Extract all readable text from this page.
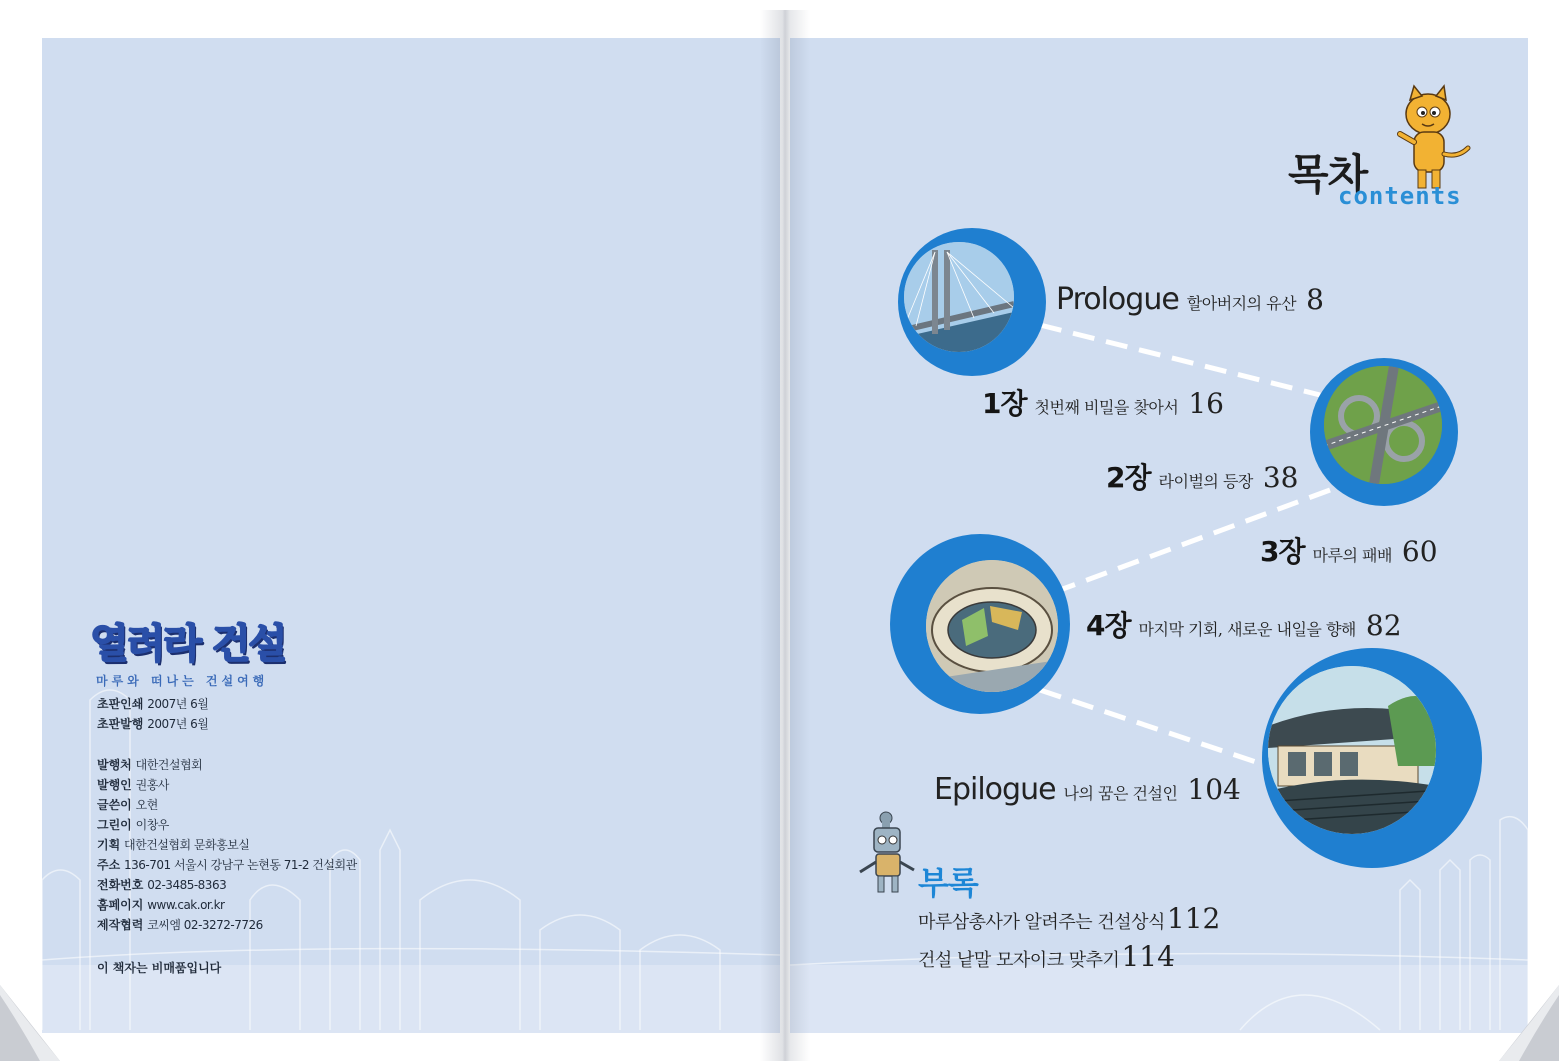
열려라 건설
마루와 떠나는 건설여행
초판인쇄 2007년 6월
초판발행 2007년 6월
발행처 대한건설협회
발행인 권홍사
글쓴이 오현
그린이 이창우
기획 대한건설협회 문화홍보실
주소 136-701 서울시 강남구 논현동 71-2 건설회관
전화번호 02-3485-8363
홈페이지 www.cak.or.kr
제작협력 코씨엠 02-3272-7726
이 책자는 비매품입니다
목차
contents
Prologue 할아버지의 유산 8
1장 첫번째 비밀을 찾아서 16
2장 라이벌의 등장 38
3장 마루의 패배 60
4장 마지막 기회, 새로운 내일을 향해 82
Epilogue 나의 꿈은 건설인 104
부록
마루삼총사가 알려주는 건설상식112
건설 낱말 모자이크 맞추기114
